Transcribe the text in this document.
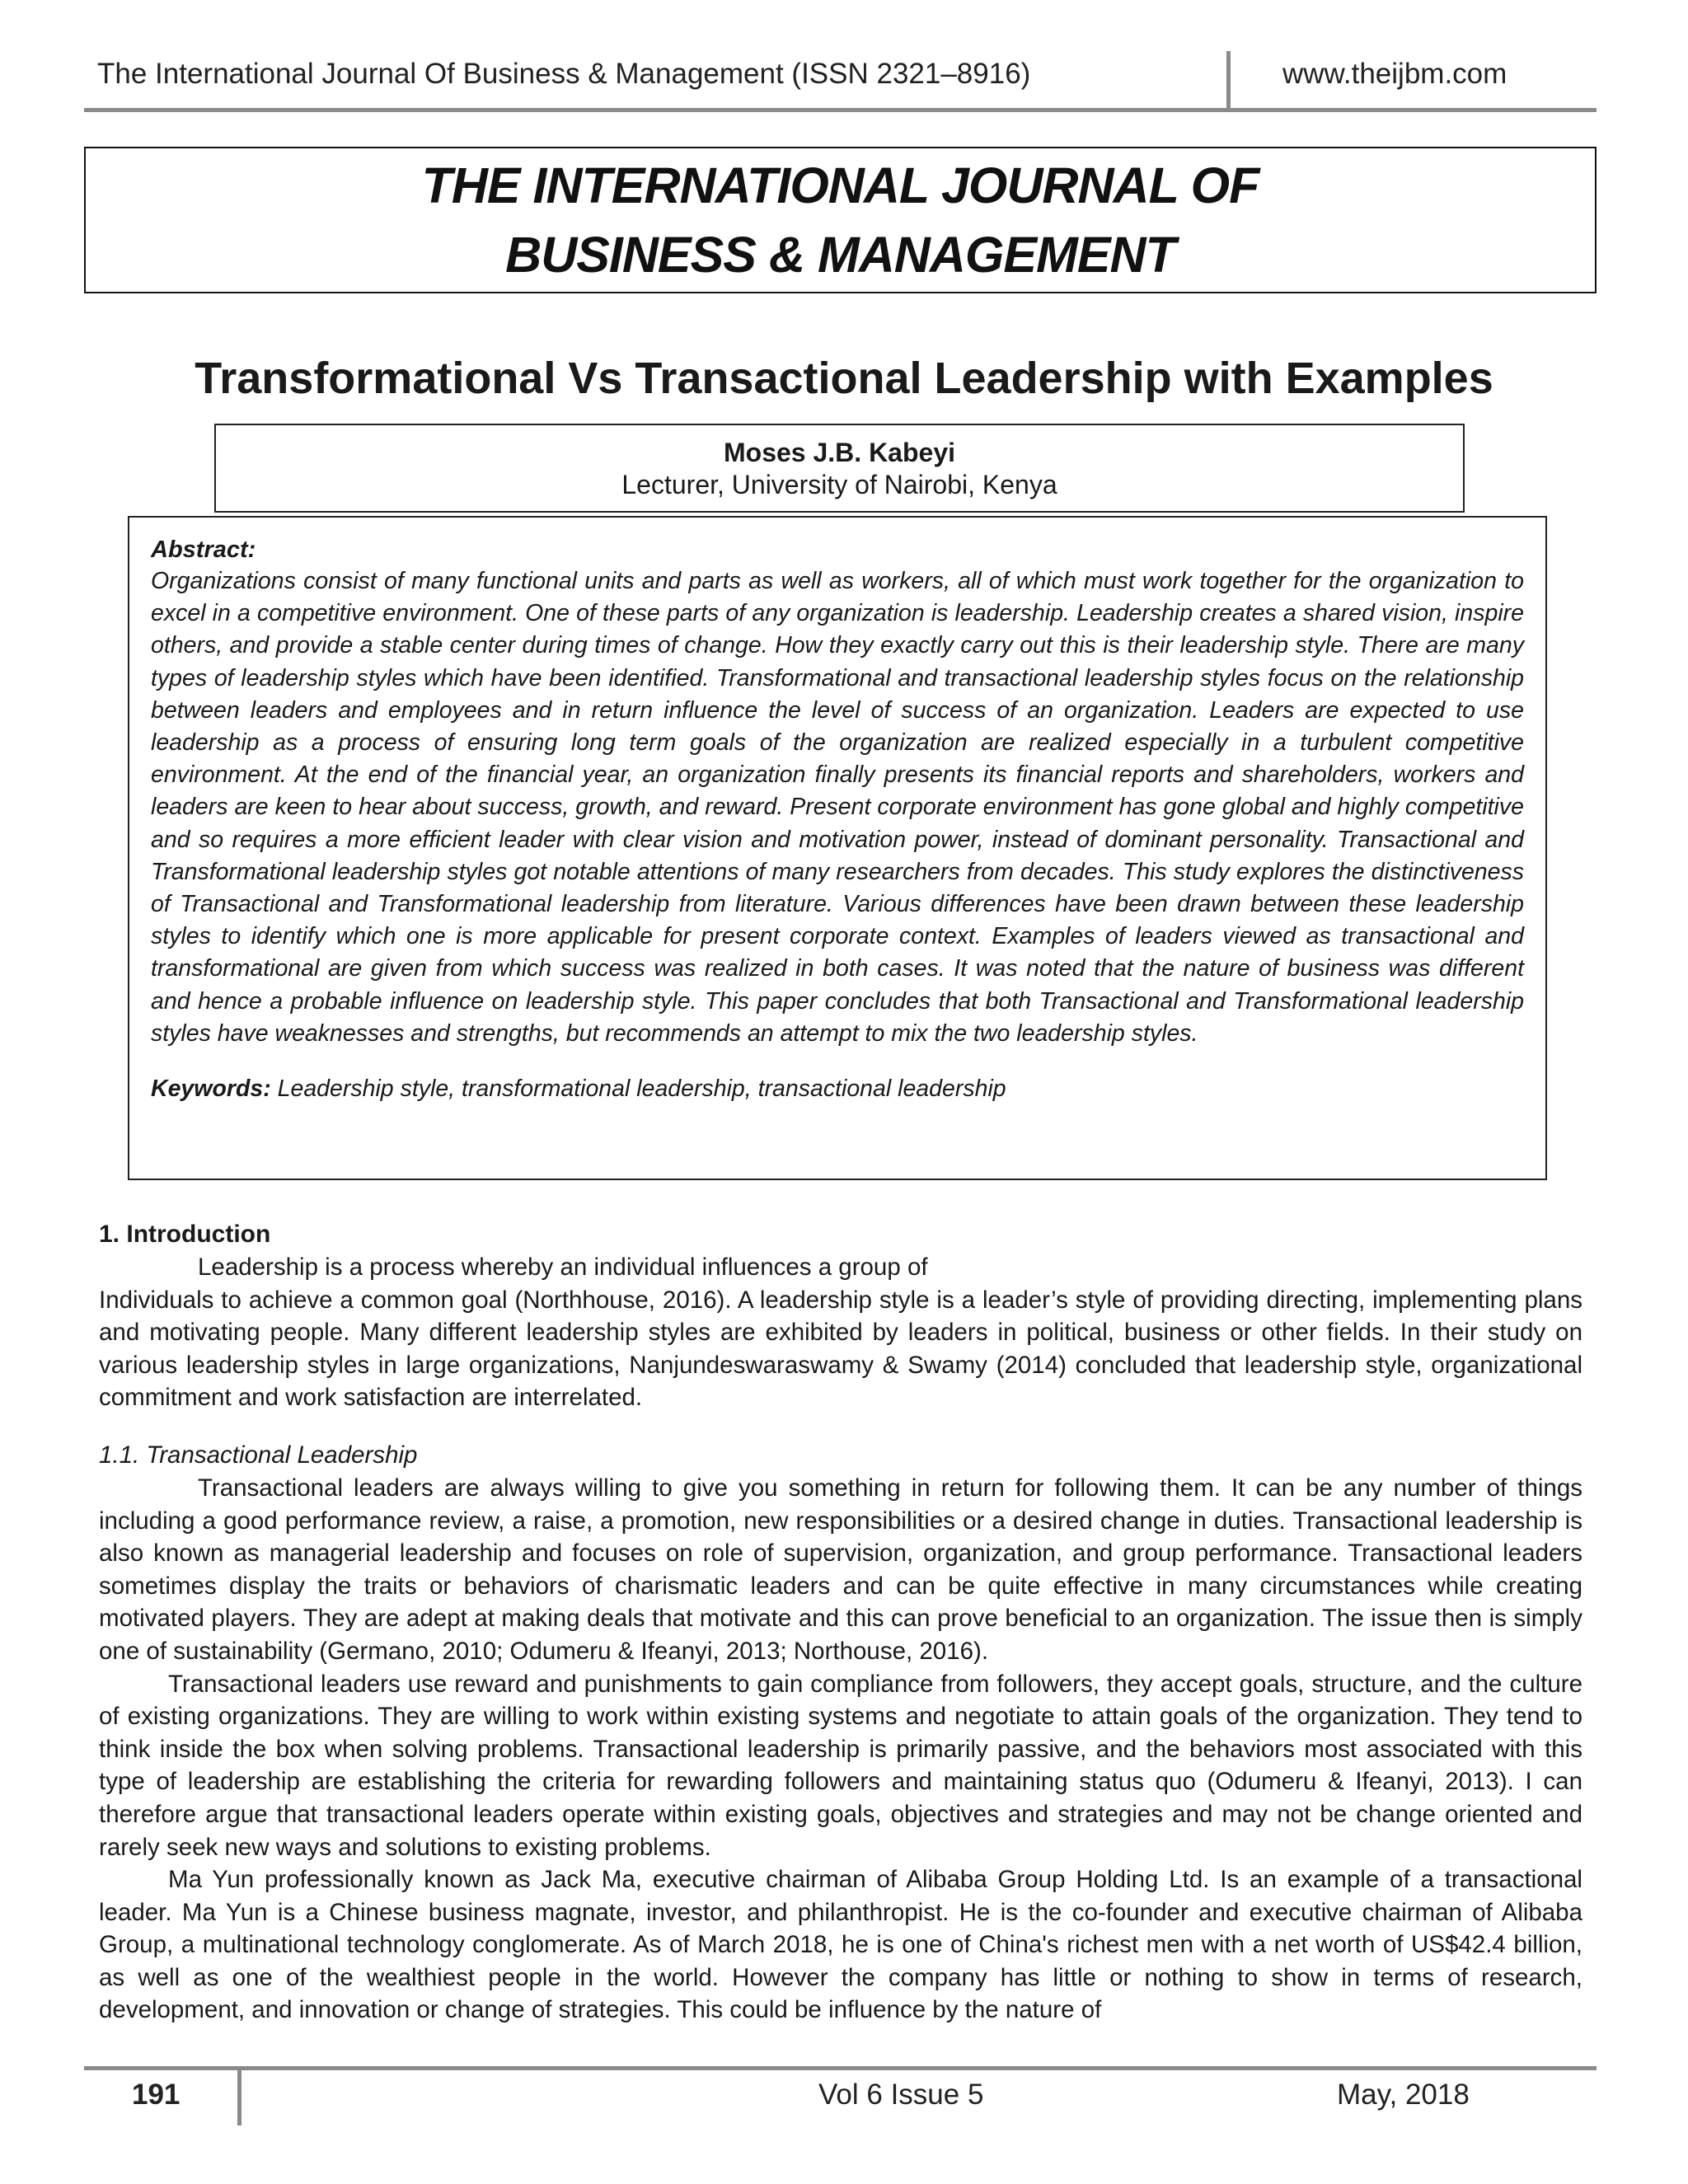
The International Journal Of Business & Management (ISSN 2321–8916)	www.theijbm.com
THE INTERNATIONAL JOURNAL OF
BUSINESS & MANAGEMENT
Transformational Vs Transactional Leadership with Examples
Moses J.B. Kabeyi
Lecturer, University of Nairobi, Kenya
Abstract:

Organizations consist of many functional units and parts as well as workers, all of which must work together for the organization to excel in a competitive environment. One of these parts of any organization is leadership. Leadership creates a shared vision, inspire others, and provide a stable center during times of change. How they exactly carry out this is their leadership style. There are many types of leadership styles which have been identified. Transformational and transactional leadership styles focus on the relationship between leaders and employees and in return influence the level of success of an organization. Leaders are expected to use leadership as a process of ensuring long term goals of the organization are realized especially in a turbulent competitive environment. At the end of the financial year, an organization finally presents its financial reports and shareholders, workers and leaders are keen to hear about success, growth, and reward. Present corporate environment has gone global and highly competitive and so requires a more efficient leader with clear vision and motivation power, instead of dominant personality. Transactional and Transformational leadership styles got notable attentions of many researchers from decades. This study explores the distinctiveness of Transactional and Transformational leadership from literature. Various differences have been drawn between these leadership styles to identify which one is more applicable for present corporate context. Examples of leaders viewed as transactional and transformational are given from which success was realized in both cases. It was noted that the nature of business was different and hence a probable influence on leadership style. This paper concludes that both Transactional and Transformational leadership styles have weaknesses and strengths, but recommends an attempt to mix the two leadership styles.

Keywords: Leadership style, transformational leadership, transactional leadership
1. Introduction
Leadership is a process whereby an individual influences a group of

Individuals to achieve a common goal (Northhouse, 2016). A leadership style is a leader’s style of providing directing, implementing plans and motivating people. Many different leadership styles are exhibited by leaders in political, business or other fields. In their study on various leadership styles in large organizations, Nanjundeswaraswamy & Swamy (2014) concluded that leadership style, organizational commitment and work satisfaction are interrelated.

1.1. Transactional Leadership

Transactional leaders are always willing to give you something in return for following them. It can be any number of things including a good performance review, a raise, a promotion, new responsibilities or a desired change in duties. Transactional leadership is also known as managerial leadership and focuses on role of supervision, organization, and group performance. Transactional leaders sometimes display the traits or behaviors of charismatic leaders and can be quite effective in many circumstances while creating motivated players. They are adept at making deals that motivate and this can prove beneficial to an organization. The issue then is simply one of sustainability (Germano, 2010; Odumeru & Ifeanyi, 2013; Northouse, 2016).

Transactional leaders use reward and punishments to gain compliance from followers, they accept goals, structure, and the culture of existing organizations. They are willing to work within existing systems and negotiate to attain goals of the organization. They tend to think inside the box when solving problems. Transactional leadership is primarily passive, and the behaviors most associated with this type of leadership are establishing the criteria for rewarding followers and maintaining status quo (Odumeru & Ifeanyi, 2013). I can therefore argue that transactional leaders operate within existing goals, objectives and strategies and may not be change oriented and rarely seek new ways and solutions to existing problems.

Ma Yun professionally known as Jack Ma, executive chairman of Alibaba Group Holding Ltd. Is an example of a transactional leader. Ma Yun is a Chinese business magnate, investor, and philanthropist. He is the co-founder and executive chairman of Alibaba Group, a multinational technology conglomerate. As of March 2018, he is one of China's richest men with a net worth of US$42.4 billion, as well as one of the wealthiest people in the world. However the company has little or nothing to show in terms of research, development, and innovation or change of strategies. This could be influence by the nature of

191	Vol 6 Issue 5	May, 2018
